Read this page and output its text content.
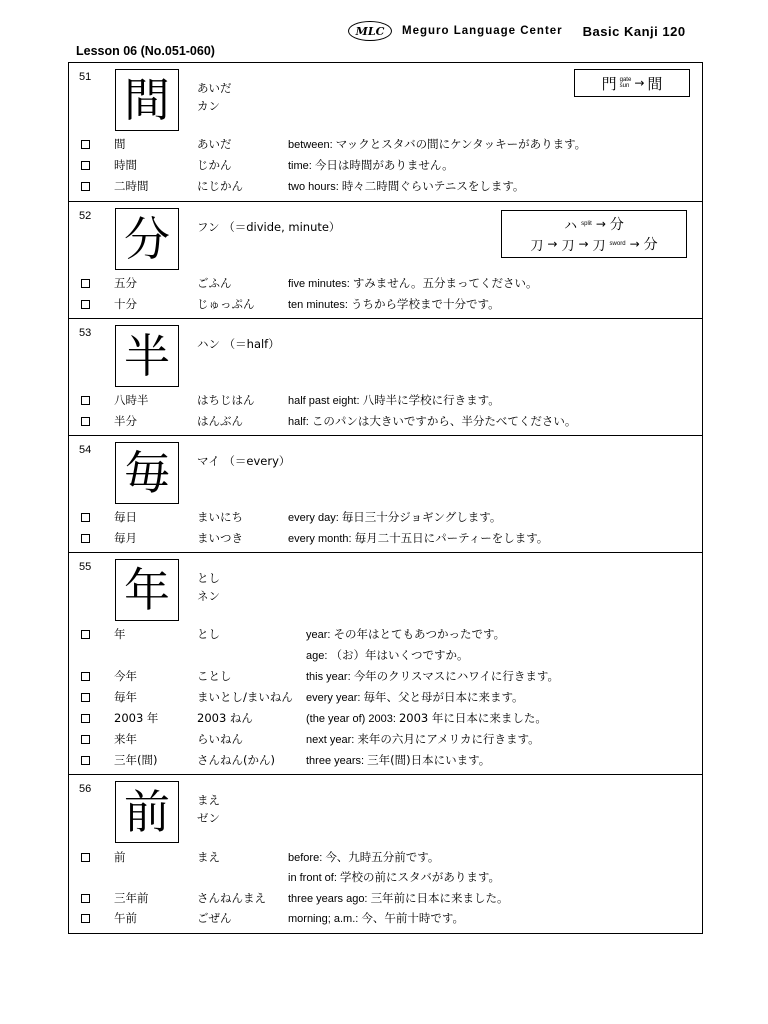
MLC	Meguro Language Center Basic Kanji 120
Lesson 06 (No.051-060)
51 間	あいだ
カン
門 gate
sun → 間
間	あいだ	between: マックとスタバの間にケンタッキーがあります。
時間	じかん	time: 今日は時間がありません。
二時間	にじかん	two hours: 時々二時間ぐらいテニスをします。
52 分	フン （＝divide, minute）	ハ split → 分
刀 → 刀 → 刀 sword → 分
五分	ごふん	five minutes: すみません。五分まってください。
十分	じゅっぷん	ten minutes: うちから学校まで十分です。
53 半	ハン （＝half）
八時半	はちじはん	half past eight: 八時半に学校に行きます。
半分	はんぶん	half: このパンは大きいですから、半分たべてください。
54 毎	マイ （＝every）
毎日	まいにち	every day: 毎日三十分ジョギングします。
毎月	まいつき	every month: 毎月二十五日にパーティーをします。
55 年	とし
ネン
年	とし	year: その年はとてもあつかったです。
age: （お）年はいくつですか。
今年	ことし	this year: 今年のクリスマスにハワイに行きます。
毎年	まいとし/まいねん every year: 毎年、父と母が日本に来ます。
2003 年	2003 ねん	(the year of) 2003: 2003 年に日本に来ました。
来年	らいねん	next year: 来年の六月にアメリカに行きます。
三年(間)	さんねん(かん)	three years: 三年(間)日本にいます。
56 前	まえ
ゼン
前	まえ	before: 今、九時五分前です。
in front of: 学校の前にスタバがあります。
三年前	さんねんまえ three years ago: 三年前に日本に来ました。
午前	ごぜん	morning; a.m.: 今、午前十時です。
